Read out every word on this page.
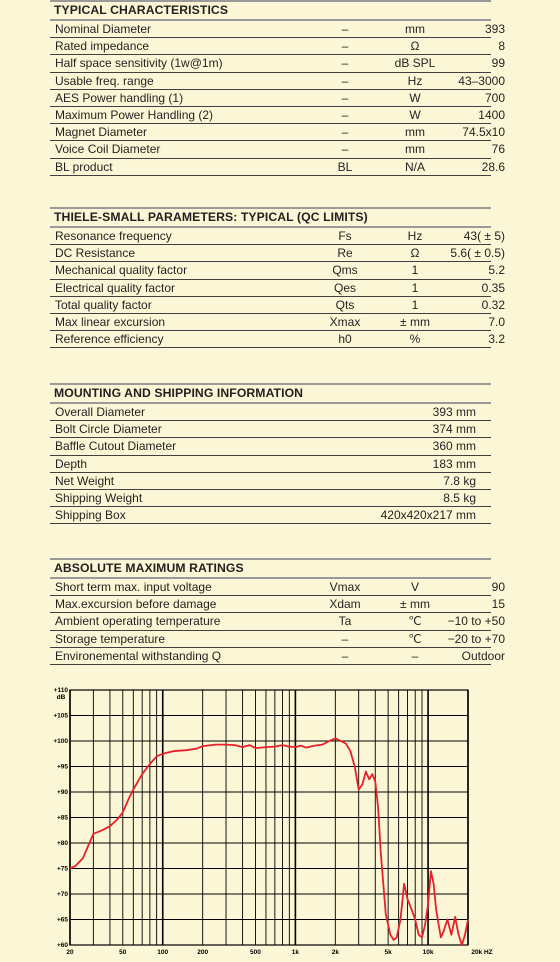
TYPICAL CHARACTERISTICS
Nominal Diameter	–	mm	393
Rated impedance	–	Ω	8
Half space sensitivity (1w@1m)	–	dB SPL	99
Usable freq. range	–	Hz	43–3000
AES Power handling (1)	–	W	700
Maximum Power Handling (2)	–	W	1400
Magnet Diameter	–	mm	74.5x10
Voice Coil Diameter	–	mm	76
BL product	BL	N/A	28.6
THIELE-SMALL PARAMETERS: TYPICAL (QC LIMITS)
Resonance frequency	Fs	Hz	43( ± 5)
DC Resistance	Re	Ω	5.6( ± 0.5)
Mechanical quality factor	Qms	1	5.2
Electrical quality factor	Qes	1	0.35
Total quality factor	Qts	1	0.32
Max linear excursion	Xmax	± mm	7.0
Reference efficiency	h0	%	3.2
MOUNTING AND SHIPPING INFORMATION
Overall Diameter	393 mm
Bolt Circle Diameter	374 mm
Baffle Cutout Diameter	360 mm
Depth	183 mm
Net Weight	7.8 kg
Shipping Weight	8.5 kg
Shipping Box	420x420x217 mm
ABSOLUTE MAXIMUM RATINGS
Short term max. input voltage	Vmax	V	90
Max.excursion before damage	Xdam	± mm	15
Ambient operating temperature	Ta	℃	−10 to +50
Storage temperature	–	℃	−20 to +70
Environemental withstanding Q	–	–	Outdoor
+110
+105
+100
+95
+90
+85
+80
+75
+70
+65
+60
dB
20	50	100	200	500	1k	2k	5k	10k	20k HZ
